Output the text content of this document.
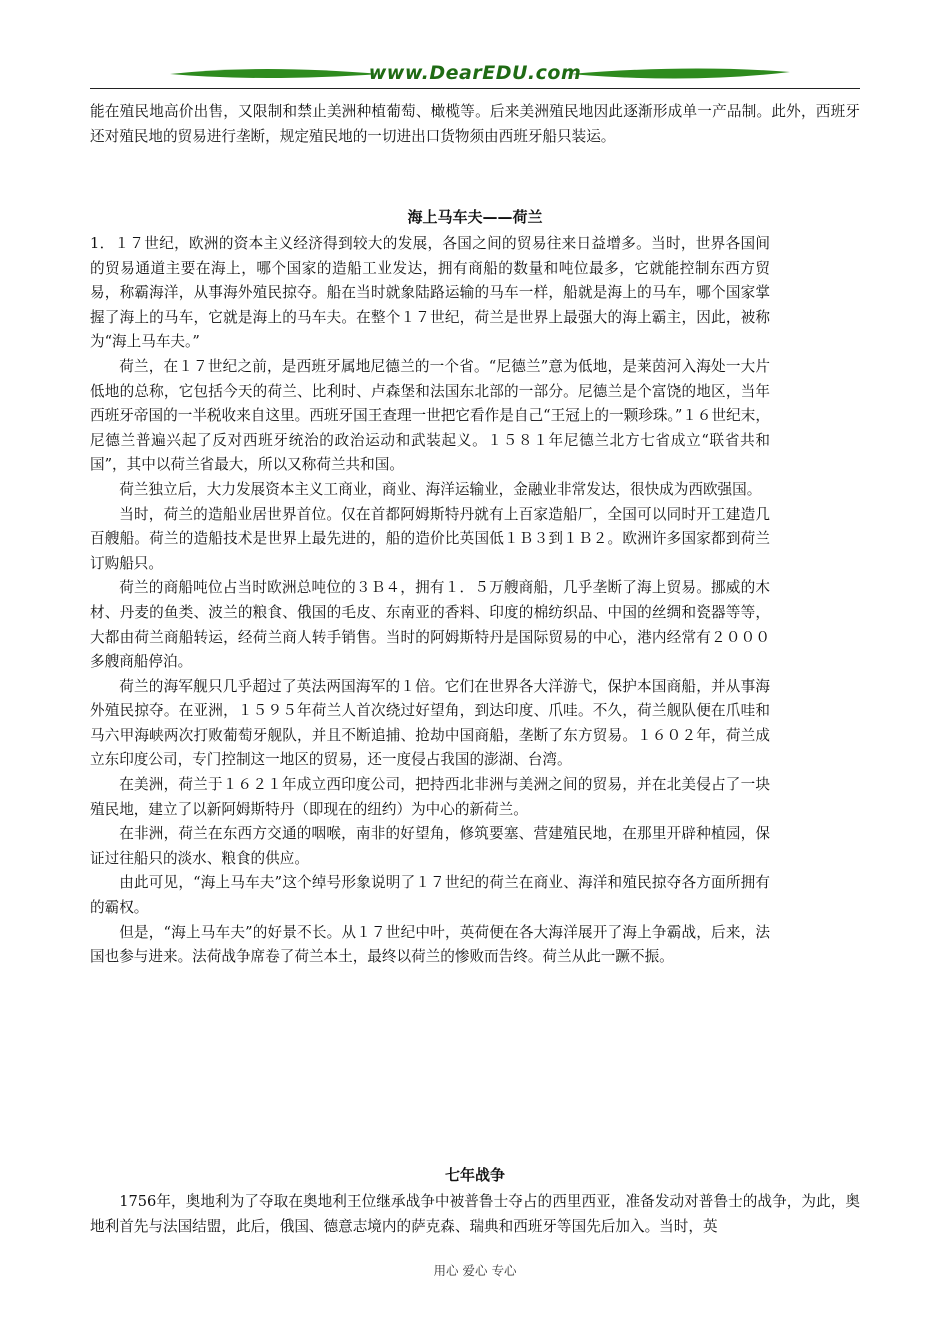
www.DearEDU.com
能在殖民地高价出售，又限制和禁止美洲种植葡萄、橄榄等。后来美洲殖民地因此逐渐形成单一产品制。此外，西班牙还对殖民地的贸易进行垄断，规定殖民地的一切进出口货物须由西班牙船只装运。
海上马车夫——荷兰

1．１７世纪，欧洲的资本主义经济得到较大的发展，各国之间的贸易往来日益增多。当时，世界各国间的贸易通道主要在海上，哪个国家的造船工业发达，拥有商船的数量和吨位最多，它就能控制东西方贸易，称霸海洋，从事海外殖民掠夺。船在当时就象陆路运输的马车一样，船就是海上的马车，哪个国家掌握了海上的马车，它就是海上的马车夫。在整个１７世纪，荷兰是世界上最强大的海上霸主，因此，被称为“海上马车夫。”

荷兰，在１７世纪之前，是西班牙属地尼德兰的一个省。“尼德兰”意为低地，是莱茵河入海处一大片低地的总称，它包括今天的荷兰、比利时、卢森堡和法国东北部的一部分。尼德兰是个富饶的地区，当年西班牙帝国的一半税收来自这里。西班牙国王查理一世把它看作是自己“王冠上的一颗珍珠。”１６世纪末，尼德兰普遍兴起了反对西班牙统治的政治运动和武装起义。１５８１年尼德兰北方七省成立“联省共和国”，其中以荷兰省最大，所以又称荷兰共和国。

荷兰独立后，大力发展资本主义工商业，商业、海洋运输业，金融业非常发达，很快成为西欧强国。

当时，荷兰的造船业居世界首位。仅在首都阿姆斯特丹就有上百家造船厂，全国可以同时开工建造几百艘船。荷兰的造船技术是世界上最先进的，船的造价比英国低１Ｂ３到１Ｂ２。欧洲许多国家都到荷兰订购船只。

荷兰的商船吨位占当时欧洲总吨位的３Ｂ４，拥有１．５万艘商船，几乎垄断了海上贸易。挪威的木材、丹麦的鱼类、波兰的粮食、俄国的毛皮、东南亚的香料、印度的棉纺织品、中国的丝绸和瓷器等等，大都由荷兰商船转运，经荷兰商人转手销售。当时的阿姆斯特丹是国际贸易的中心，港内经常有２０００多艘商船停泊。

荷兰的海军舰只几乎超过了英法两国海军的１倍。它们在世界各大洋游弋，保护本国商船，并从事海外殖民掠夺。在亚洲，１５９５年荷兰人首次绕过好望角，到达印度、爪哇。不久，荷兰舰队便在爪哇和马六甲海峡两次打败葡萄牙舰队，并且不断追捕、抢劫中国商船，垄断了东方贸易。１６０２年，荷兰成立东印度公司，专门控制这一地区的贸易，还一度侵占我国的澎湖、台湾。

在美洲，荷兰于１６２１年成立西印度公司，把持西北非洲与美洲之间的贸易，并在北美侵占了一块殖民地，建立了以新阿姆斯特丹（即现在的纽约）为中心的新荷兰。

在非洲，荷兰在东西方交通的咽喉，南非的好望角，修筑要塞、营建殖民地，在那里开辟种植园，保证过往船只的淡水、粮食的供应。

由此可见，“海上马车夫”这个绰号形象说明了１７世纪的荷兰在商业、海洋和殖民掠夺各方面所拥有的霸权。

但是，“海上马车夫”的好景不长。从１７世纪中叶，英荷便在各大海洋展开了海上争霸战，后来，法国也参与进来。法荷战争席卷了荷兰本土，最终以荷兰的惨败而告终。荷兰从此一蹶不振。

七年战争
1756年，奥地利为了夺取在奥地利王位继承战争中被普鲁士夺占的西里西亚，准备发动对普鲁士的战争，为此，奥地利首先与法国结盟，此后，俄国、德意志境内的萨克森、瑞典和西班牙等国先后加入。当时，英
用心 爱心 专心
